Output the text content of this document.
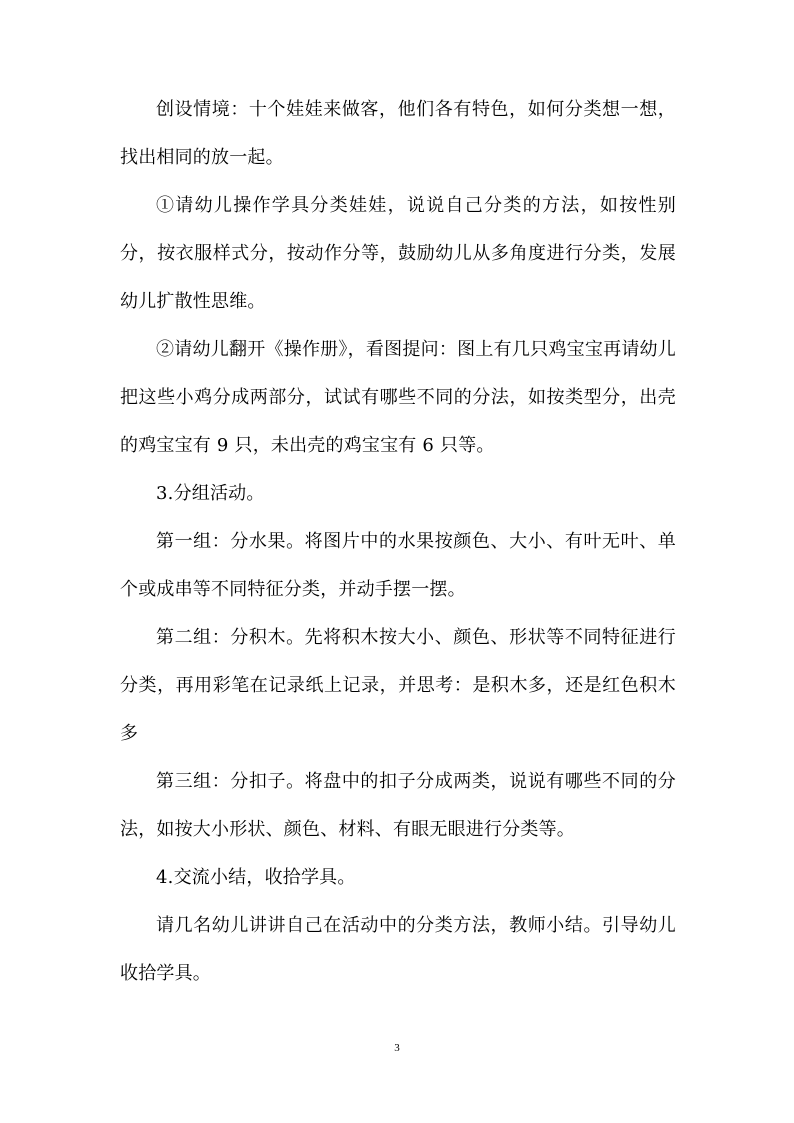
创设情境：十个娃娃来做客，他们各有特色，如何分类想一想，找出相同的放一起。

①请幼儿操作学具分类娃娃，说说自己分类的方法，如按性别分，按衣服样式分，按动作分等，鼓励幼儿从多角度进行分类，发展幼儿扩散性思维。

②请幼儿翻开《操作册》，看图提问：图上有几只鸡宝宝再请幼儿把这些小鸡分成两部分，试试有哪些不同的分法，如按类型分，出壳的鸡宝宝有 9 只，未出壳的鸡宝宝有 6 只等。

3.分组活动。

第一组：分水果。将图片中的水果按颜色、大小、有叶无叶、单个或成串等不同特征分类，并动手摆一摆。

第二组：分积木。先将积木按大小、颜色、形状等不同特征进行分类，再用彩笔在记录纸上记录，并思考：是积木多，还是红色积木多

第三组：分扣子。将盘中的扣子分成两类，说说有哪些不同的分法，如按大小形状、颜色、材料、有眼无眼进行分类等。

4.交流小结，收拾学具。

请几名幼儿讲讲自己在活动中的分类方法，教师小结。引导幼儿收拾学具。

3
